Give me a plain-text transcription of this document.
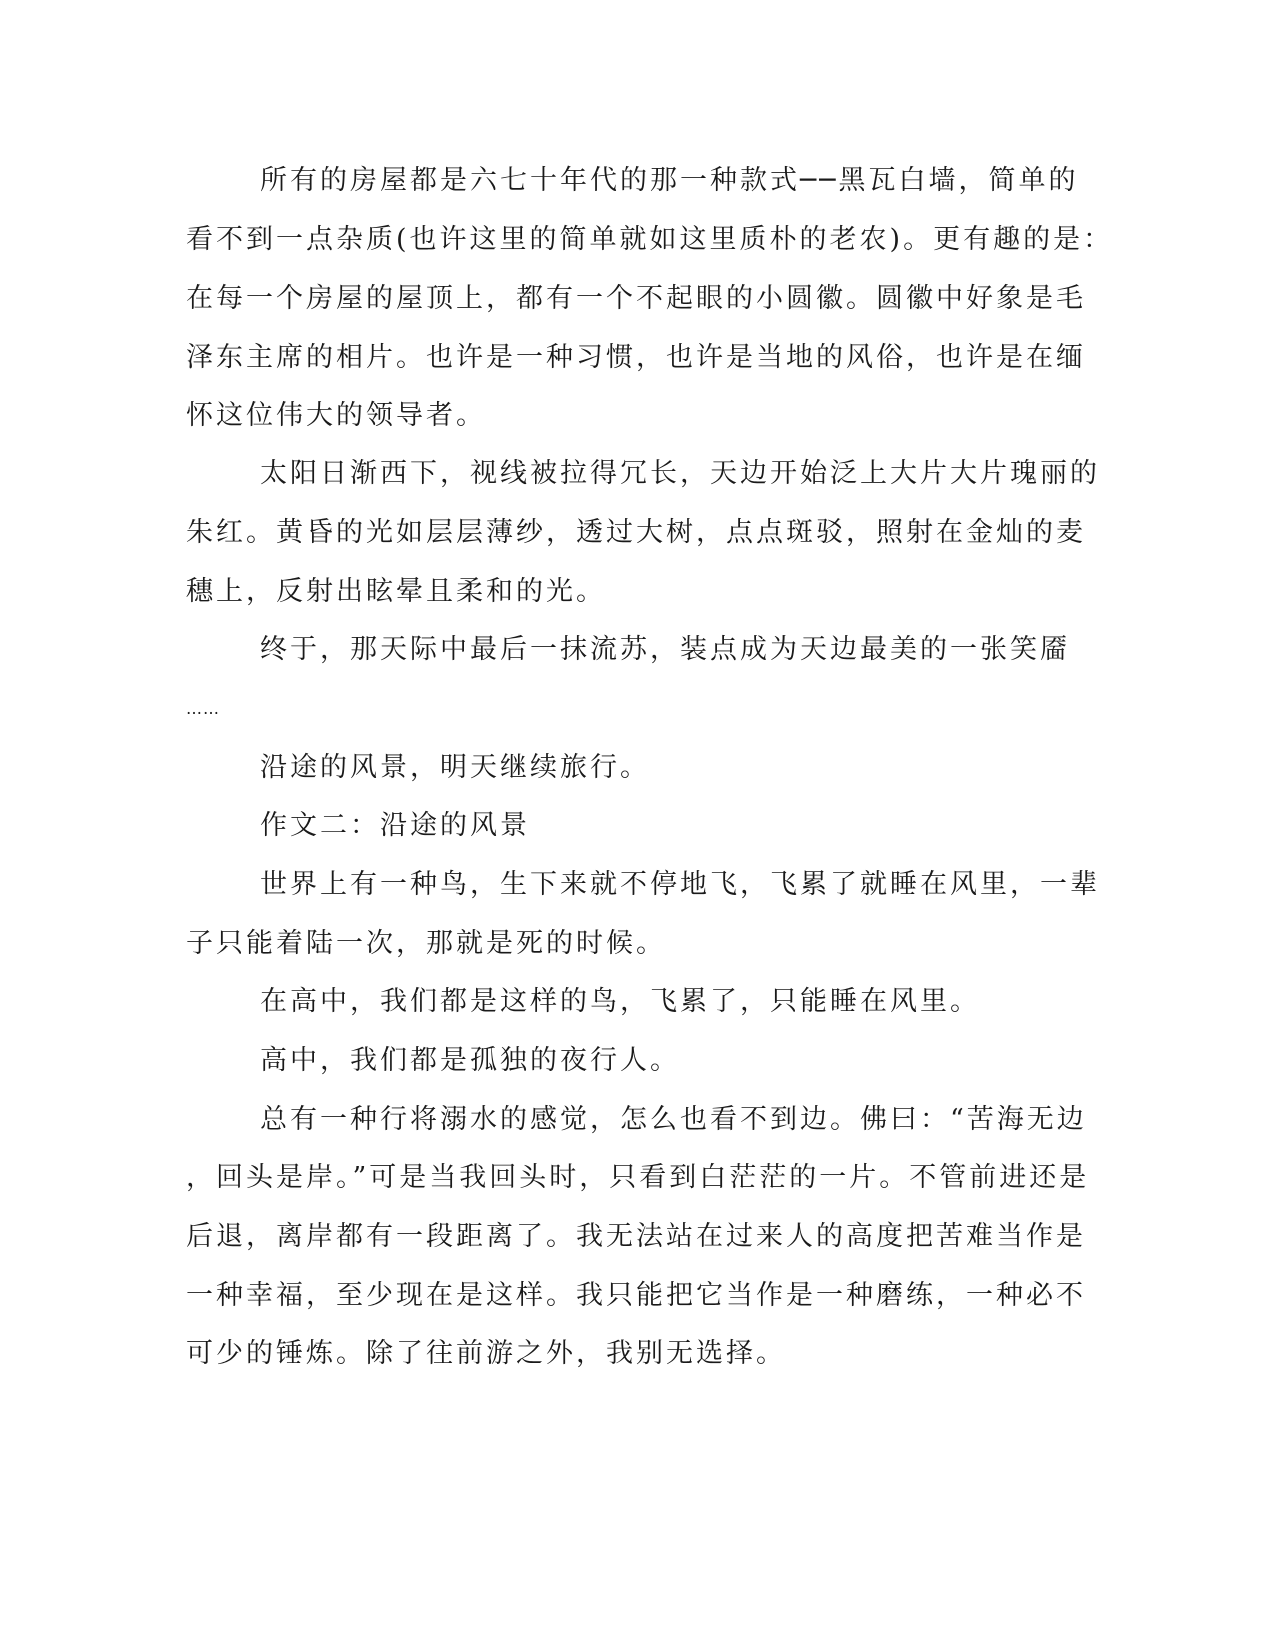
所有的房屋都是六七十年代的那一种款式──黑瓦白墙，简单的
看不到一点杂质(也许这里的简单就如这里质朴的老农)。更有趣的是：
在每一个房屋的屋顶上，都有一个不起眼的小圆徽。圆徽中好象是毛
泽东主席的相片。也许是一种习惯，也许是当地的风俗，也许是在缅
怀这位伟大的领导者。
太阳日渐西下，视线被拉得冗长，天边开始泛上大片大片瑰丽的
朱红。黄昏的光如层层薄纱，透过大树，点点斑驳，照射在金灿的麦
穗上，反射出眩晕且柔和的光。
终于，那天际中最后一抹流苏，装点成为天边最美的一张笑靥
……
沿途的风景，明天继续旅行。
作文二：沿途的风景
世界上有一种鸟，生下来就不停地飞，飞累了就睡在风里，一辈
子只能着陆一次，那就是死的时候。
在高中，我们都是这样的鸟，飞累了，只能睡在风里。
高中，我们都是孤独的夜行人。
总有一种行将溺水的感觉，怎么也看不到边。佛曰：“苦海无边
，回头是岸。”可是当我回头时，只看到白茫茫的一片。不管前进还是
后退，离岸都有一段距离了。我无法站在过来人的高度把苦难当作是
一种幸福，至少现在是这样。我只能把它当作是一种磨练，一种必不
可少的锤炼。除了往前游之外，我别无选择。
